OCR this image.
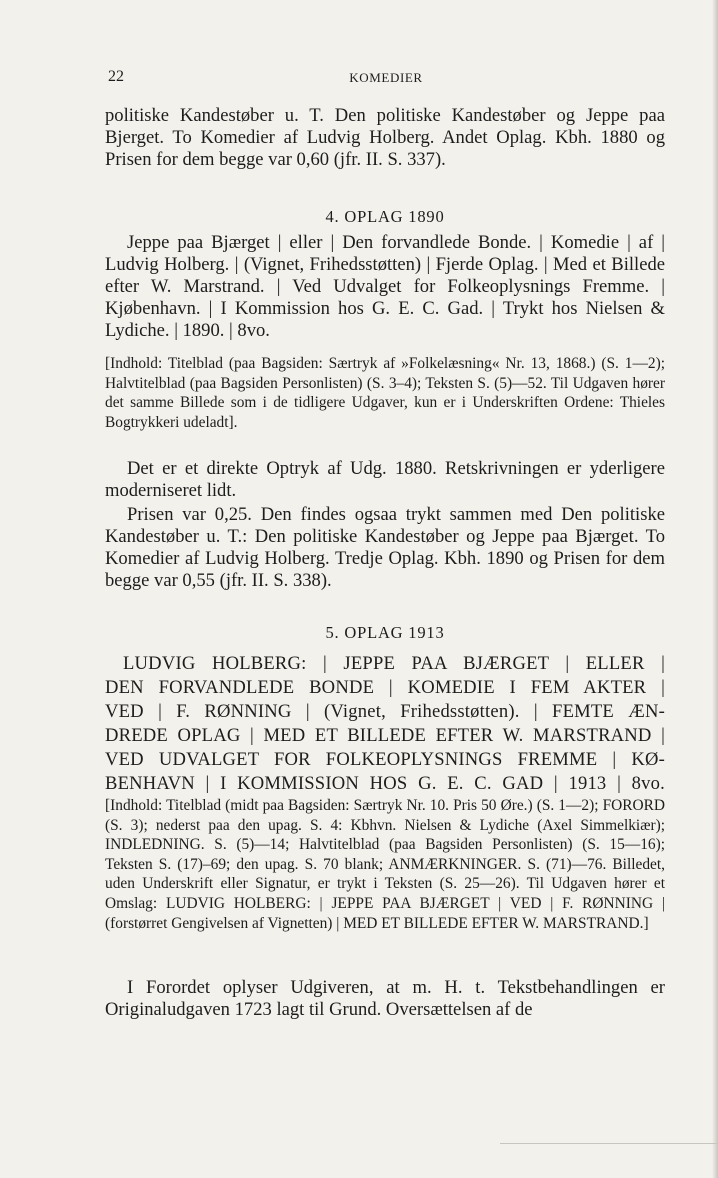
22	KOMEDIER

politiske Kandestøber u. T. Den politiske Kandestøber og Jeppe paa Bjerget. To Komedier af Ludvig Holberg. Andet Oplag. Kbh. 1880 og Prisen for dem begge var 0,60 (jfr. II. S. 337).

4. OPLAG 1890

Jeppe paa Bjærget | eller | Den forvandlede Bonde. | Komedie | af | Ludvig Holberg. | (Vignet, Frihedsstøtten) | Fjerde Oplag. | Med et Billede efter W. Marstrand. | Ved Udvalget for Folkeoplysnings Fremme. | Kjøbenhavn. | I Kommission hos G. E. C. Gad. | Trykt hos Nielsen & Lydiche. | 1890. | 8vo.

[Indhold: Titelblad (paa Bagsiden: Særtryk af »Folkelæsning« Nr. 13, 1868.) (S. 1—2); Halvtitelblad (paa Bagsiden Personlisten) (S. 3–4); Teksten S. (5)—52. Til Udgaven hører det samme Billede som i de tidligere Udgaver, kun er i Underskriften Ordene: Thieles Bogtrykkeri udeladt].

Det er et direkte Optryk af Udg. 1880. Retskrivningen er yderligere moderniseret lidt.

Prisen var 0,25. Den findes ogsaa trykt sammen med Den politiske Kandestøber u. T.: Den politiske Kandestøber og Jeppe paa Bjærget. To Komedier af Ludvig Holberg. Tredje Oplag. Kbh. 1890 og Prisen for dem begge var 0,55 (jfr. II. S. 338).

5. OPLAG 1913
LUDVIG HOLBERG: | JEPPE PAA BJÆRGET | ELLER |
DEN FORVANDLEDE BONDE | KOMEDIE I FEM AKTER |
VED | F. RØNNING | (Vignet, Frihedsstøtten). | FEMTE ÆN-
DREDE OPLAG | MED ET BILLEDE EFTER W. MARSTRAND |
VED UDVALGET FOR FOLKEOPLYSNINGS FREMME | KØ-
BENHAVN | I KOMMISSION HOS G. E. C. GAD | 1913 | 8vo.

[Indhold: Titelblad (midt paa Bagsiden: Særtryk Nr. 10. Pris 50 Øre.) (S. 1—2); FORORD (S. 3); nederst paa den upag. S. 4: Kbhvn. Nielsen & Lydiche (Axel Simmelkiær); INDLEDNING. S. (5)—14; Halvtitelblad (paa Bagsiden Personlisten) (S. 15—16); Teksten S. (17)–69; den upag. S. 70 blank; ANMÆRKNINGER. S. (71)—76. Billedet, uden Underskrift eller Signatur, er trykt i Teksten (S. 25—26). Til Udgaven hører et Omslag: LUDVIG HOLBERG: | JEPPE PAA BJÆRGET | VED | F. RØNNING | (forstørret Gengivelsen af Vignetten) | MED ET BILLEDE EFTER W. MARSTRAND.]

I Forordet oplyser Udgiveren, at m. H. t. Tekstbehandlingen er Originaludgaven 1723 lagt til Grund. Oversættelsen af de
